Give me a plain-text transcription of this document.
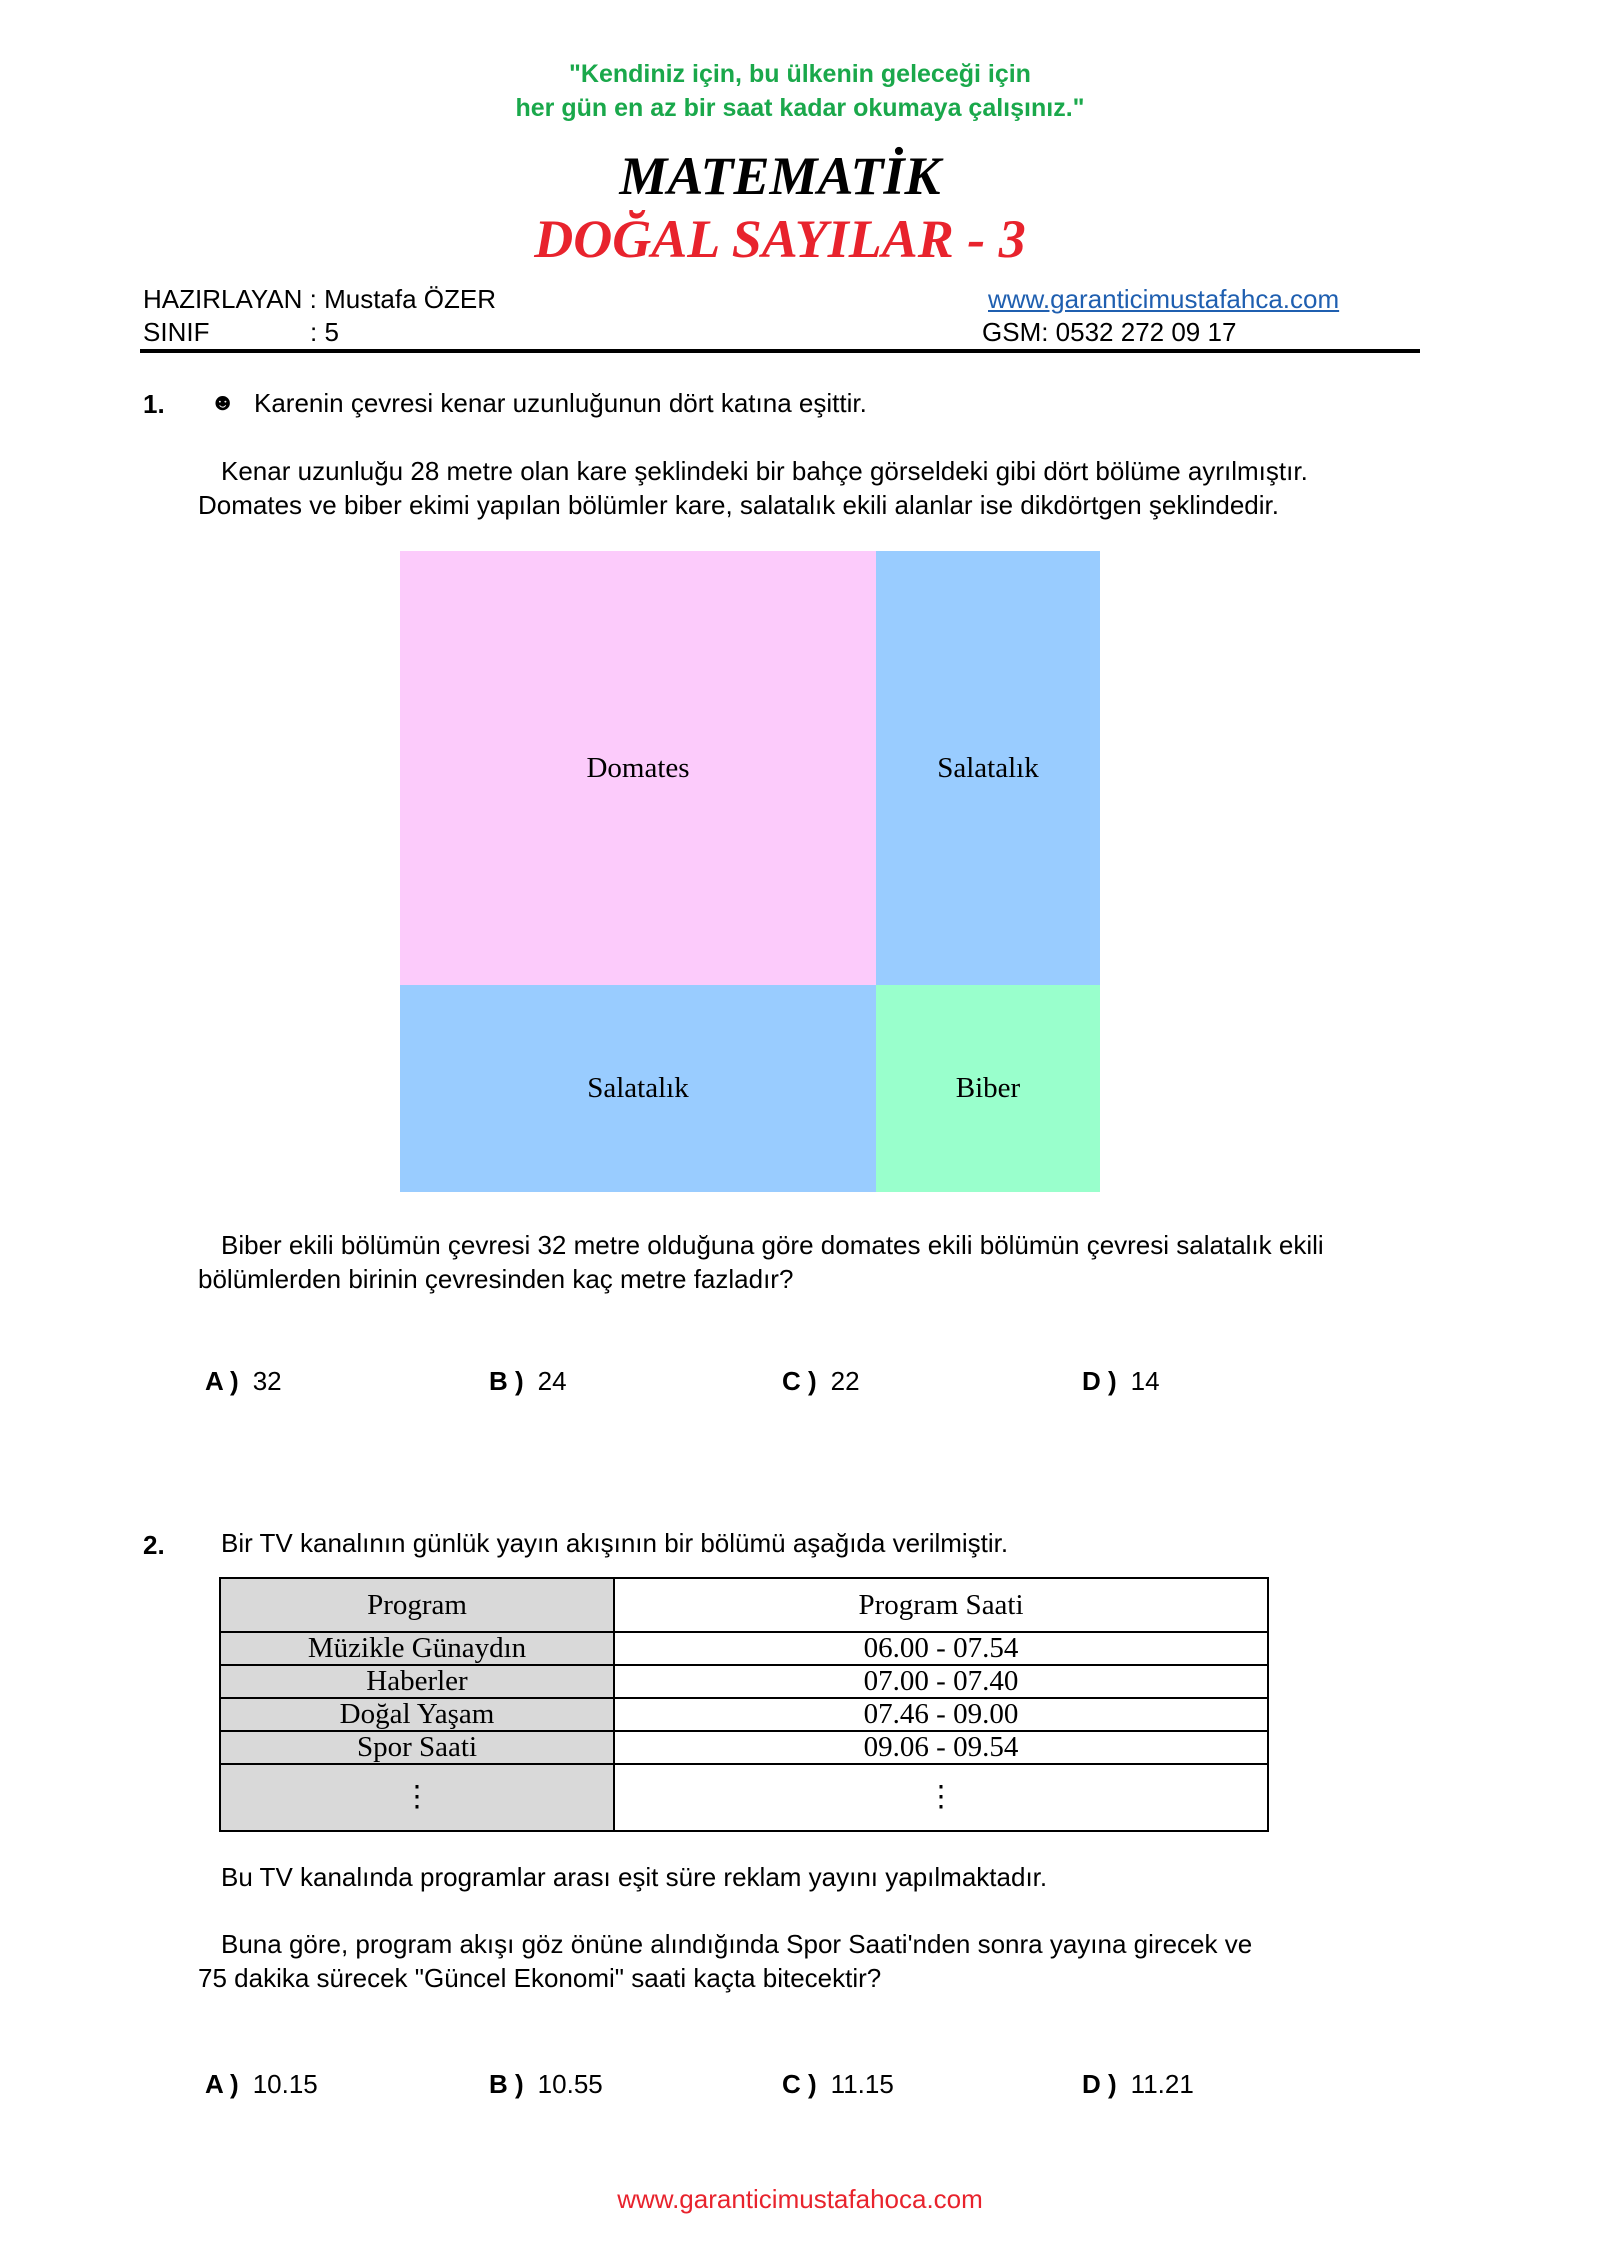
"Kendiniz için, bu ülkenin geleceği için
her gün en az bir saat kadar okumaya çalışınız."
MATEMATİK
DOĞAL SAYILAR - 3
HAZIRLAYAN : Mustafa ÖZER
SINIF	: 5
www.garanticimustafahca.com
GSM: 0532 272 09 17
1. ☻ Karenin çevresi kenar uzunluğunun dört katına eşittir.
Kenar uzunluğu 28 metre olan kare şeklindeki bir bahçe görseldeki gibi dört bölüme ayrılmıştır.
Domates ve biber ekimi yapılan bölümler kare, salatalık ekili alanlar ise dikdörtgen şeklindedir.
Domates	Salatalık
Salatalık	Biber
Biber ekili bölümün çevresi 32 metre olduğuna göre domates ekili bölümün çevresi salatalık ekili
bölümlerden birinin çevresinden kaç metre fazladır?
A ) 32	B ) 24	C ) 22	D ) 14
2. Bir TV kanalının günlük yayın akışının bir bölümü aşağıda verilmiştir.
Program	Program Saati
Müzikle Günaydın	06.00 - 07.54
Haberler	07.00 - 07.40
Doğal Yaşam	07.46 - 09.00
Spor Saati	09.06 - 09.54
⋮	⋮
Bu TV kanalında programlar arası eşit süre reklam yayını yapılmaktadır.
Buna göre, program akışı göz önüne alındığında Spor Saati'nden sonra yayına girecek ve
75 dakika sürecek "Güncel Ekonomi" saati kaçta bitecektir?
A ) 10.15	B ) 10.55	C ) 11.15	D ) 11.21
www.garanticimustafahoca.com
